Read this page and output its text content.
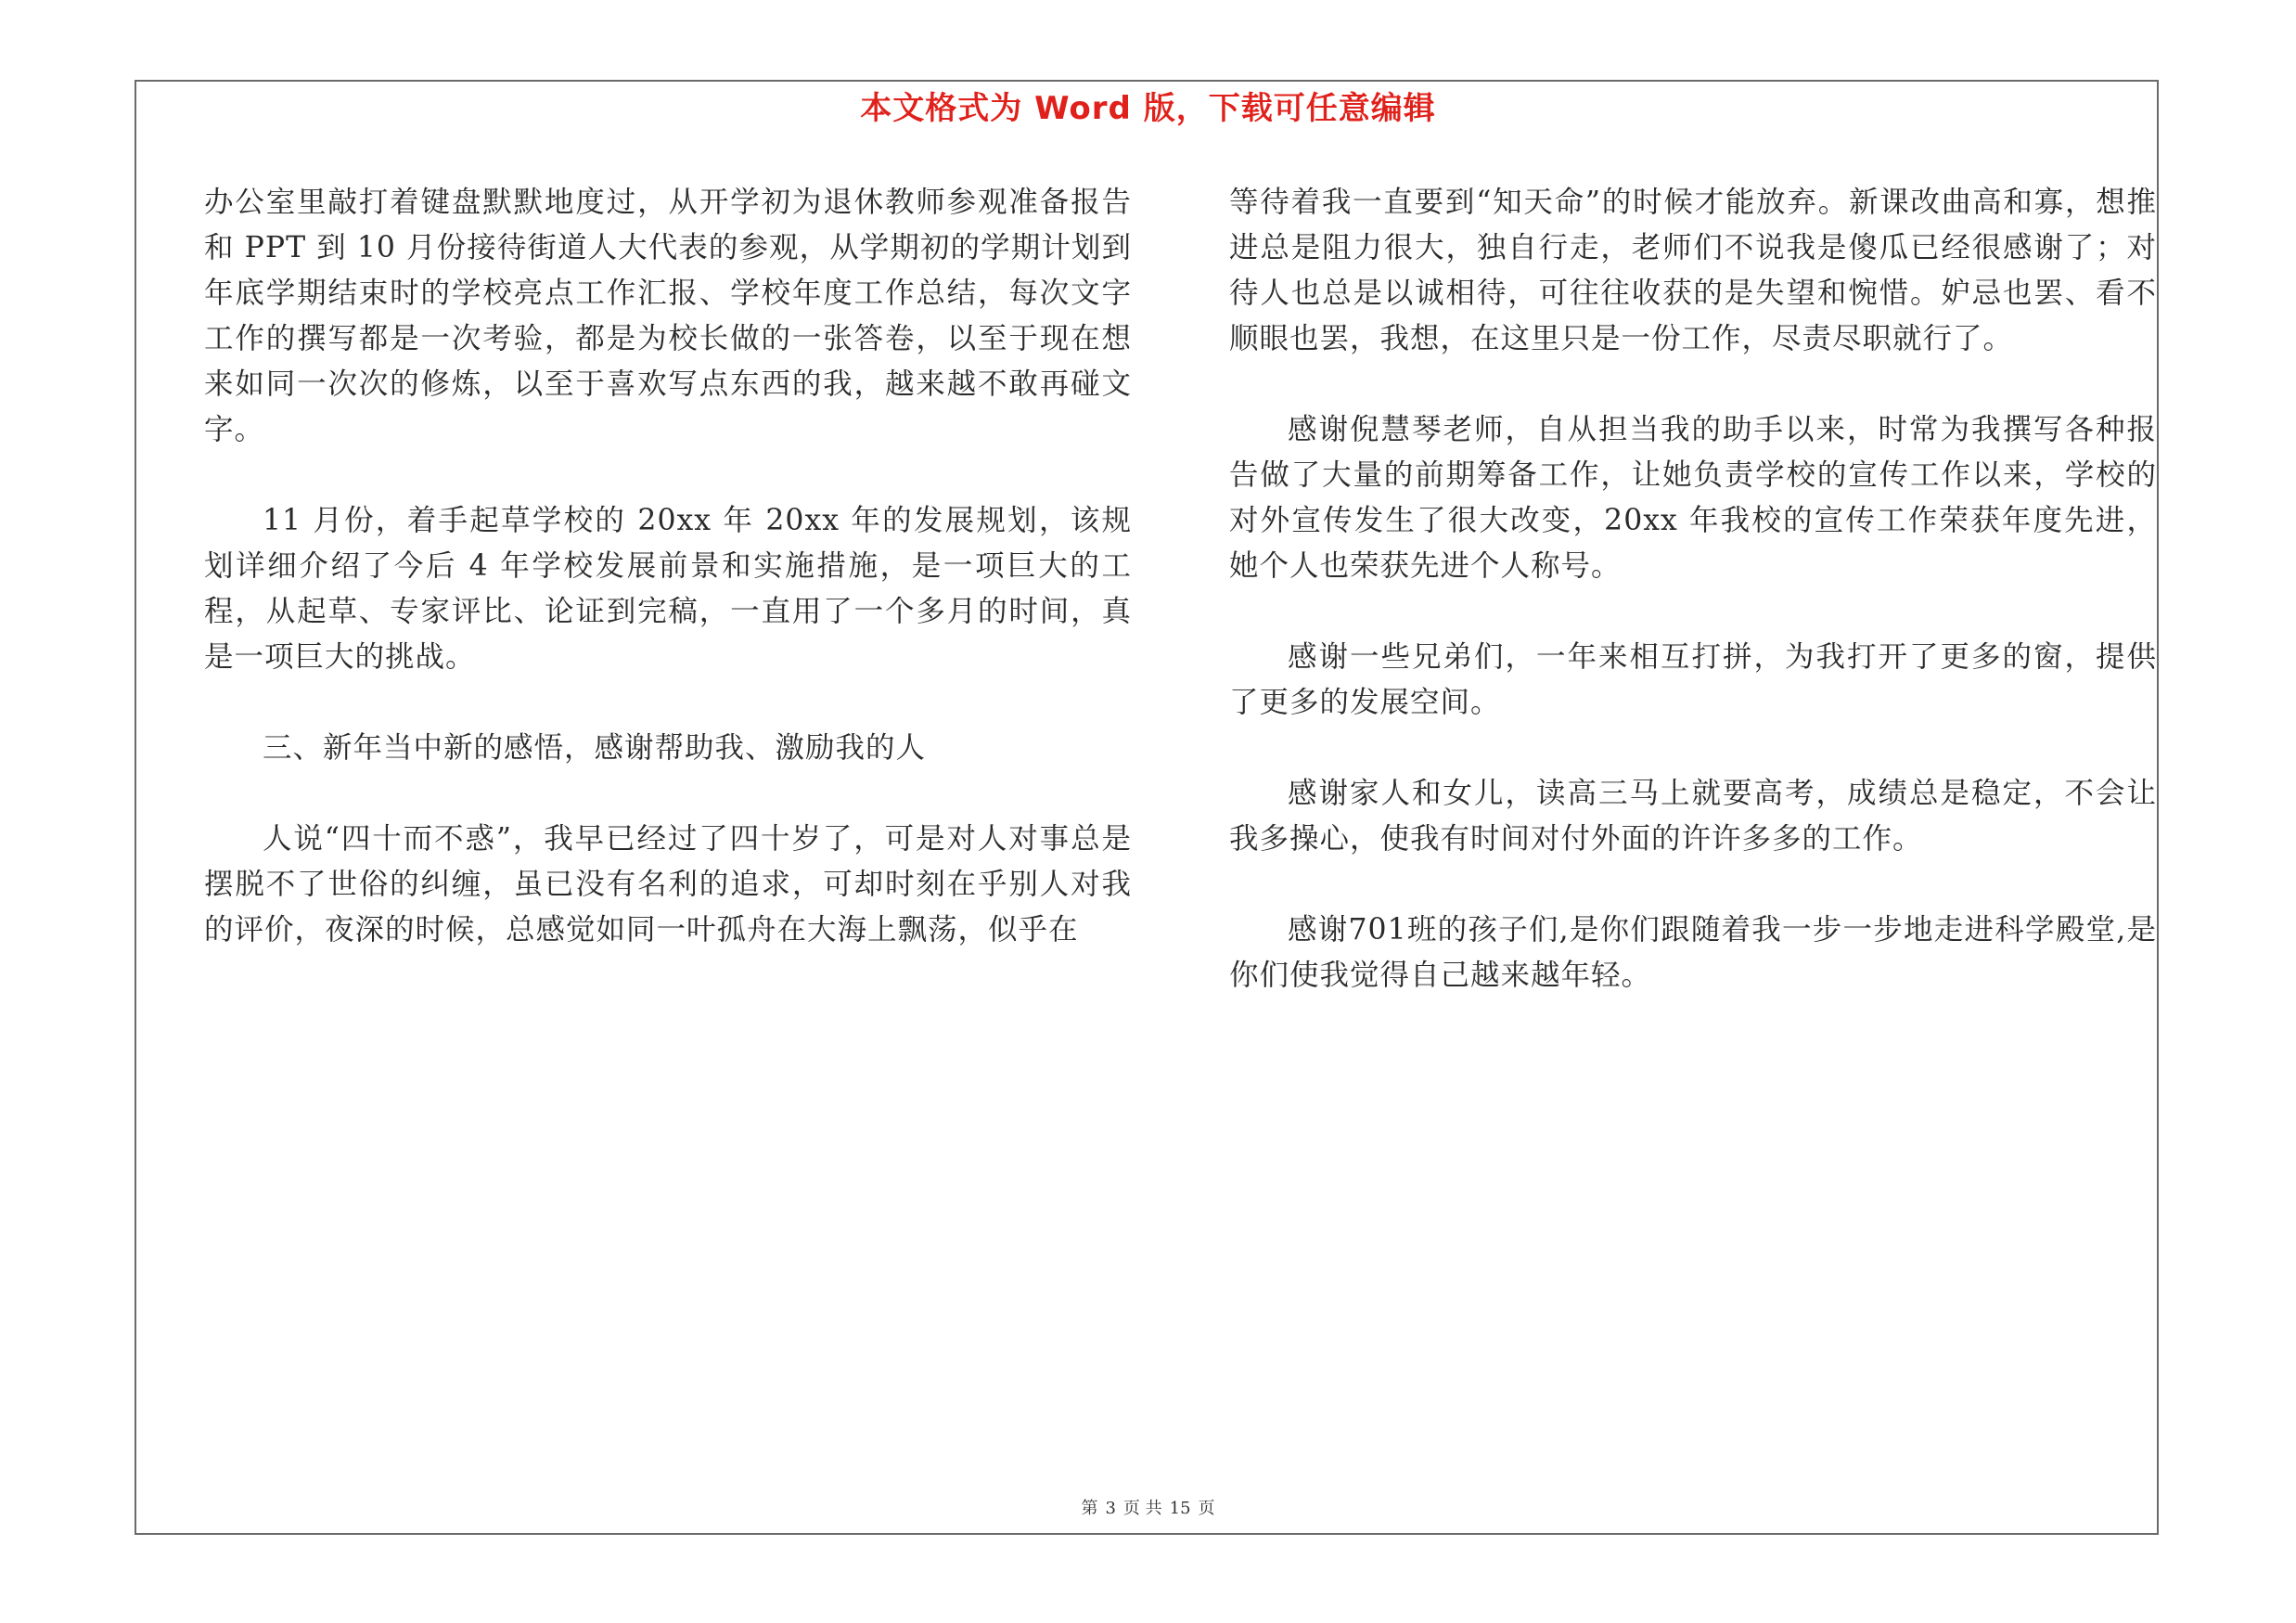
本文格式为 Word 版，下载可任意编辑

办公室里敲打着键盘默默地度过，从开学初为退休教师参观准备报告和 PPT 到 10 月份接待街道人大代表的参观，从学期初的学期计划到年底学期结束时的学校亮点工作汇报、学校年度工作总结，每次文字工作的撰写都是一次考验，都是为校长做的一张答卷，以至于现在想来如同一次次的修炼，以至于喜欢写点东西的我，越来越不敢再碰文字。

11 月份，着手起草学校的 20xx 年 20xx 年的发展规划，该规划详细介绍了今后 4 年学校发展前景和实施措施，是一项巨大的工程，从起草、专家评比、论证到完稿，一直用了一个多月的时间，真是一项巨大的挑战。

三、新年当中新的感悟，感谢帮助我、激励我的人

人说“四十而不惑”，我早已经过了四十岁了，可是对人对事总是摆脱不了世俗的纠缠，虽已没有名利的追求，可却时刻在乎别人对我的评价，夜深的时候，总感觉如同一叶孤舟在大海上飘荡，似乎在

等待着我一直要到“知天命”的时候才能放弃。新课改曲高和寡，想推进总是阻力很大，独自行走，老师们不说我是傻瓜已经很感谢了；对待人也总是以诚相待，可往往收获的是失望和惋惜。妒忌也罢、看不顺眼也罢，我想，在这里只是一份工作，尽责尽职就行了。

感谢倪慧琴老师，自从担当我的助手以来，时常为我撰写各种报告做了大量的前期筹备工作，让她负责学校的宣传工作以来，学校的对外宣传发生了很大改变，20xx 年我校的宣传工作荣获年度先进，她个人也荣获先进个人称号。

感谢一些兄弟们，一年来相互打拼，为我打开了更多的窗，提供了更多的发展空间。

感谢家人和女儿，读高三马上就要高考，成绩总是稳定，不会让我多操心，使我有时间对付外面的许许多多的工作。

感谢701班的孩子们,是你们跟随着我一步一步地走进科学殿堂,是你们使我觉得自己越来越年轻。

第 3 页 共 15 页
